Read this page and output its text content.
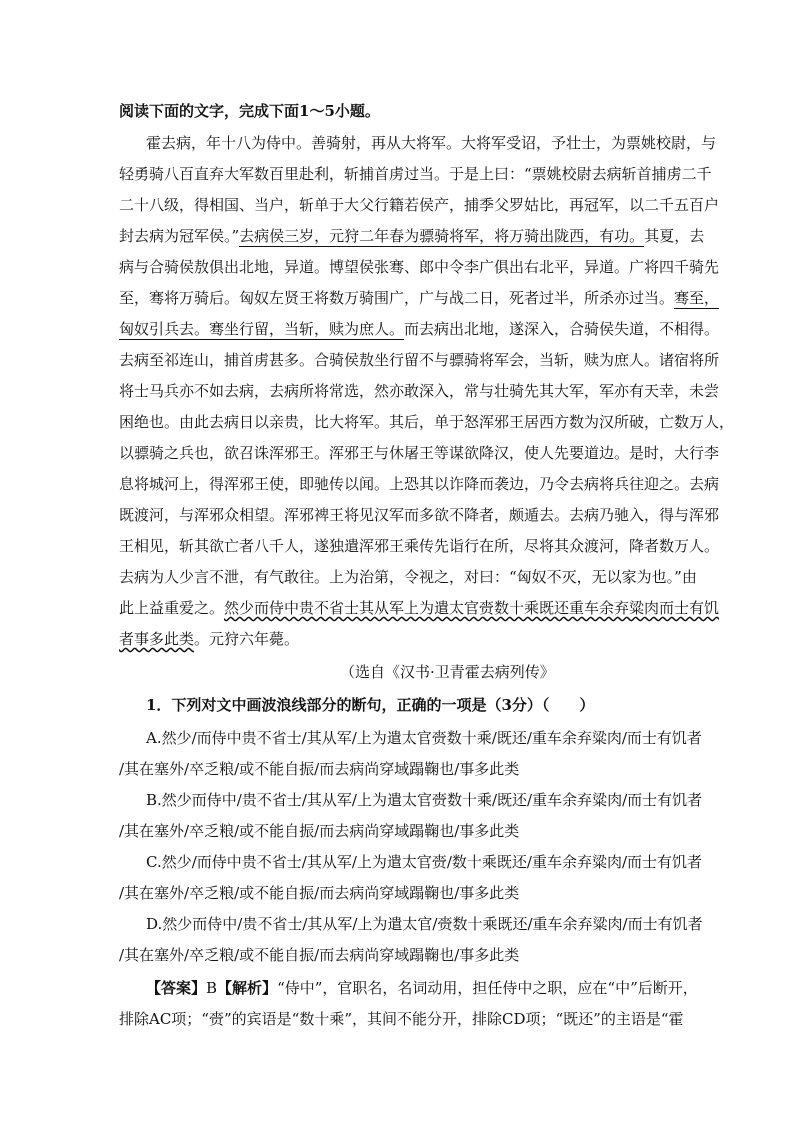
阅读下面的文字，完成下面1～5小题。
霍去病，年十八为侍中。善骑射，再从大将军。大将军受诏，予壮士，为票姚校尉，与
轻勇骑八百直弃大军数百里赴利，斩捕首虏过当。于是上曰：“票姚校尉去病斩首捕虏二千
二十八级，得相国、当户，斩单于大父行籍若侯产，捕季父罗姑比，再冠军，以二千五百户
封去病为冠军侯。”去病侯三岁，元狩二年春为骠骑将军，将万骑出陇西，有功。其夏，去
病与合骑侯敖俱出北地，异道。博望侯张骞、郎中令李广俱出右北平，异道。广将四千骑先
至，骞将万骑后。匈奴左贤王将数万骑围广，广与战二日，死者过半，所杀亦过当。骞至，
匈奴引兵去。骞坐行留，当斩，赎为庶人。而去病出北地，遂深入，合骑侯失道，不相得。
去病至祁连山，捕首虏甚多。合骑侯敖坐行留不与骠骑将军会，当斩，赎为庶人。诸宿将所
将士马兵亦不如去病，去病所将常选，然亦敢深入，常与壮骑先其大军，军亦有天幸，未尝
困绝也。由此去病日以亲贵，比大将军。其后，单于怒浑邪王居西方数为汉所破，亡数万人，
以骠骑之兵也，欲召诛浑邪王。浑邪王与休屠王等谋欲降汉，使人先要道边。是时，大行李
息将城河上，得浑邪王使，即驰传以闻。上恐其以诈降而袭边，乃令去病将兵往迎之。去病
既渡河，与浑邪众相望。浑邪裨王将见汉军而多欲不降者，颇遁去。去病乃驰入，得与浑邪
王相见，斩其欲亡者八千人，遂独遣浑邪王乘传先诣行在所，尽将其众渡河，降者数万人。
去病为人少言不泄，有气敢往。上为治第，令视之，对曰：“匈奴不灭，无以家为也。”由
此上益重爱之。然少而侍中贵不省士其从军上为遣太官赍数十乘既还重车余弃粱肉而士有饥
者事多此类。元狩六年薨。
（选自《汉书·卫青霍去病列传》
1．下列对文中画波浪线部分的断句，正确的一项是（3分）（　　）
A.然少/而侍中贵不省士/其从军/上为遣太官赍数十乘/既还/重车余弃粱肉/而士有饥者
/其在塞外/卒乏粮/或不能自振/而去病尚穿域蹋鞠也/事多此类
B.然少而侍中/贵不省士/其从军/上为遣太官赍数十乘/既还/重车余弃粱肉/而士有饥者
/其在塞外/卒乏粮/或不能自振/而去病尚穿域蹋鞠也/事多此类
C.然少/而侍中贵不省士/其从军/上为遣太官赍/数十乘既还/重车余弃粱肉/而士有饥者
/其在塞外/卒乏粮/或不能自振/而去病尚穿域蹋鞠也/事多此类
D.然少而侍中/贵不省士/其从军/上为遣太官/赍数十乘既还/重车余弃粱肉/而士有饥者
/其在塞外/卒乏粮/或不能自振/而去病尚穿域蹋鞠也/事多此类
【答案】B【解析】“侍中”，官职名，名词动用，担任侍中之职，应在“中”后断开，
排除AC项；“赍”的宾语是“数十乘”，其间不能分开，排除CD项；“既还”的主语是“霍
